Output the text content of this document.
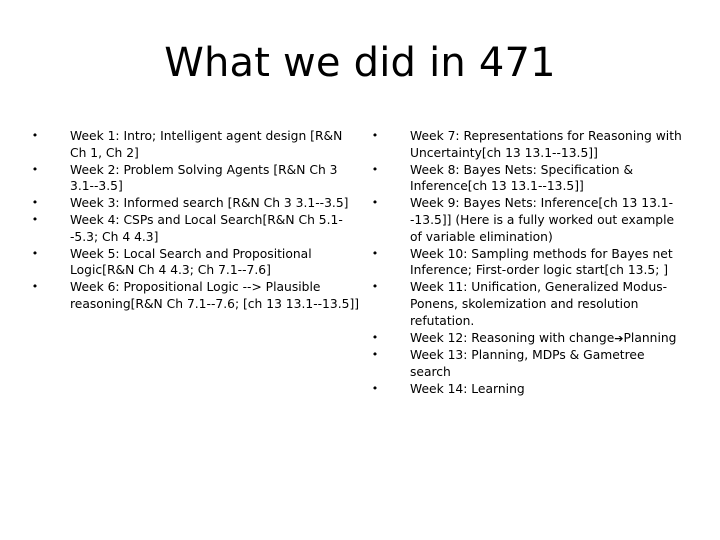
What we did in 471
•	Week 1: Intro; Intelligent agent design [R&N Ch 1, Ch 2]
•	Week 2: Problem Solving Agents [R&N Ch 3 3.1--3.5]
•	Week 3: Informed search [R&N Ch 3 3.1--3.5]
•	Week 4: CSPs and Local Search[R&N Ch 5.1--5.3; Ch 4 4.3]
•	Week 5: Local Search and Propositional Logic[R&N Ch 4 4.3; Ch 7.1--7.6]
•	Week 6: Propositional Logic --> Plausible reasoning[R&N Ch 7.1--7.6; [ch 13 13.1--13.5]]
•	Week 7: Representations for Reasoning with Uncertainty[ch 13 13.1--13.5]]
•	Week 8: Bayes Nets: Specification & Inference[ch 13 13.1--13.5]]
•	Week 9: Bayes Nets: Inference[ch 13 13.1--13.5]] (Here is a fully worked out example of variable elimination)
•	Week 10: Sampling methods for Bayes net Inference; First-order logic start[ch 13.5; ]
•	Week 11: Unification, Generalized Modus-Ponens, skolemization and resolution refutation.
•	Week 12: Reasoning with change➔Planning
•	Week 13: Planning, MDPs & Gametree search
•	Week 14: Learning
